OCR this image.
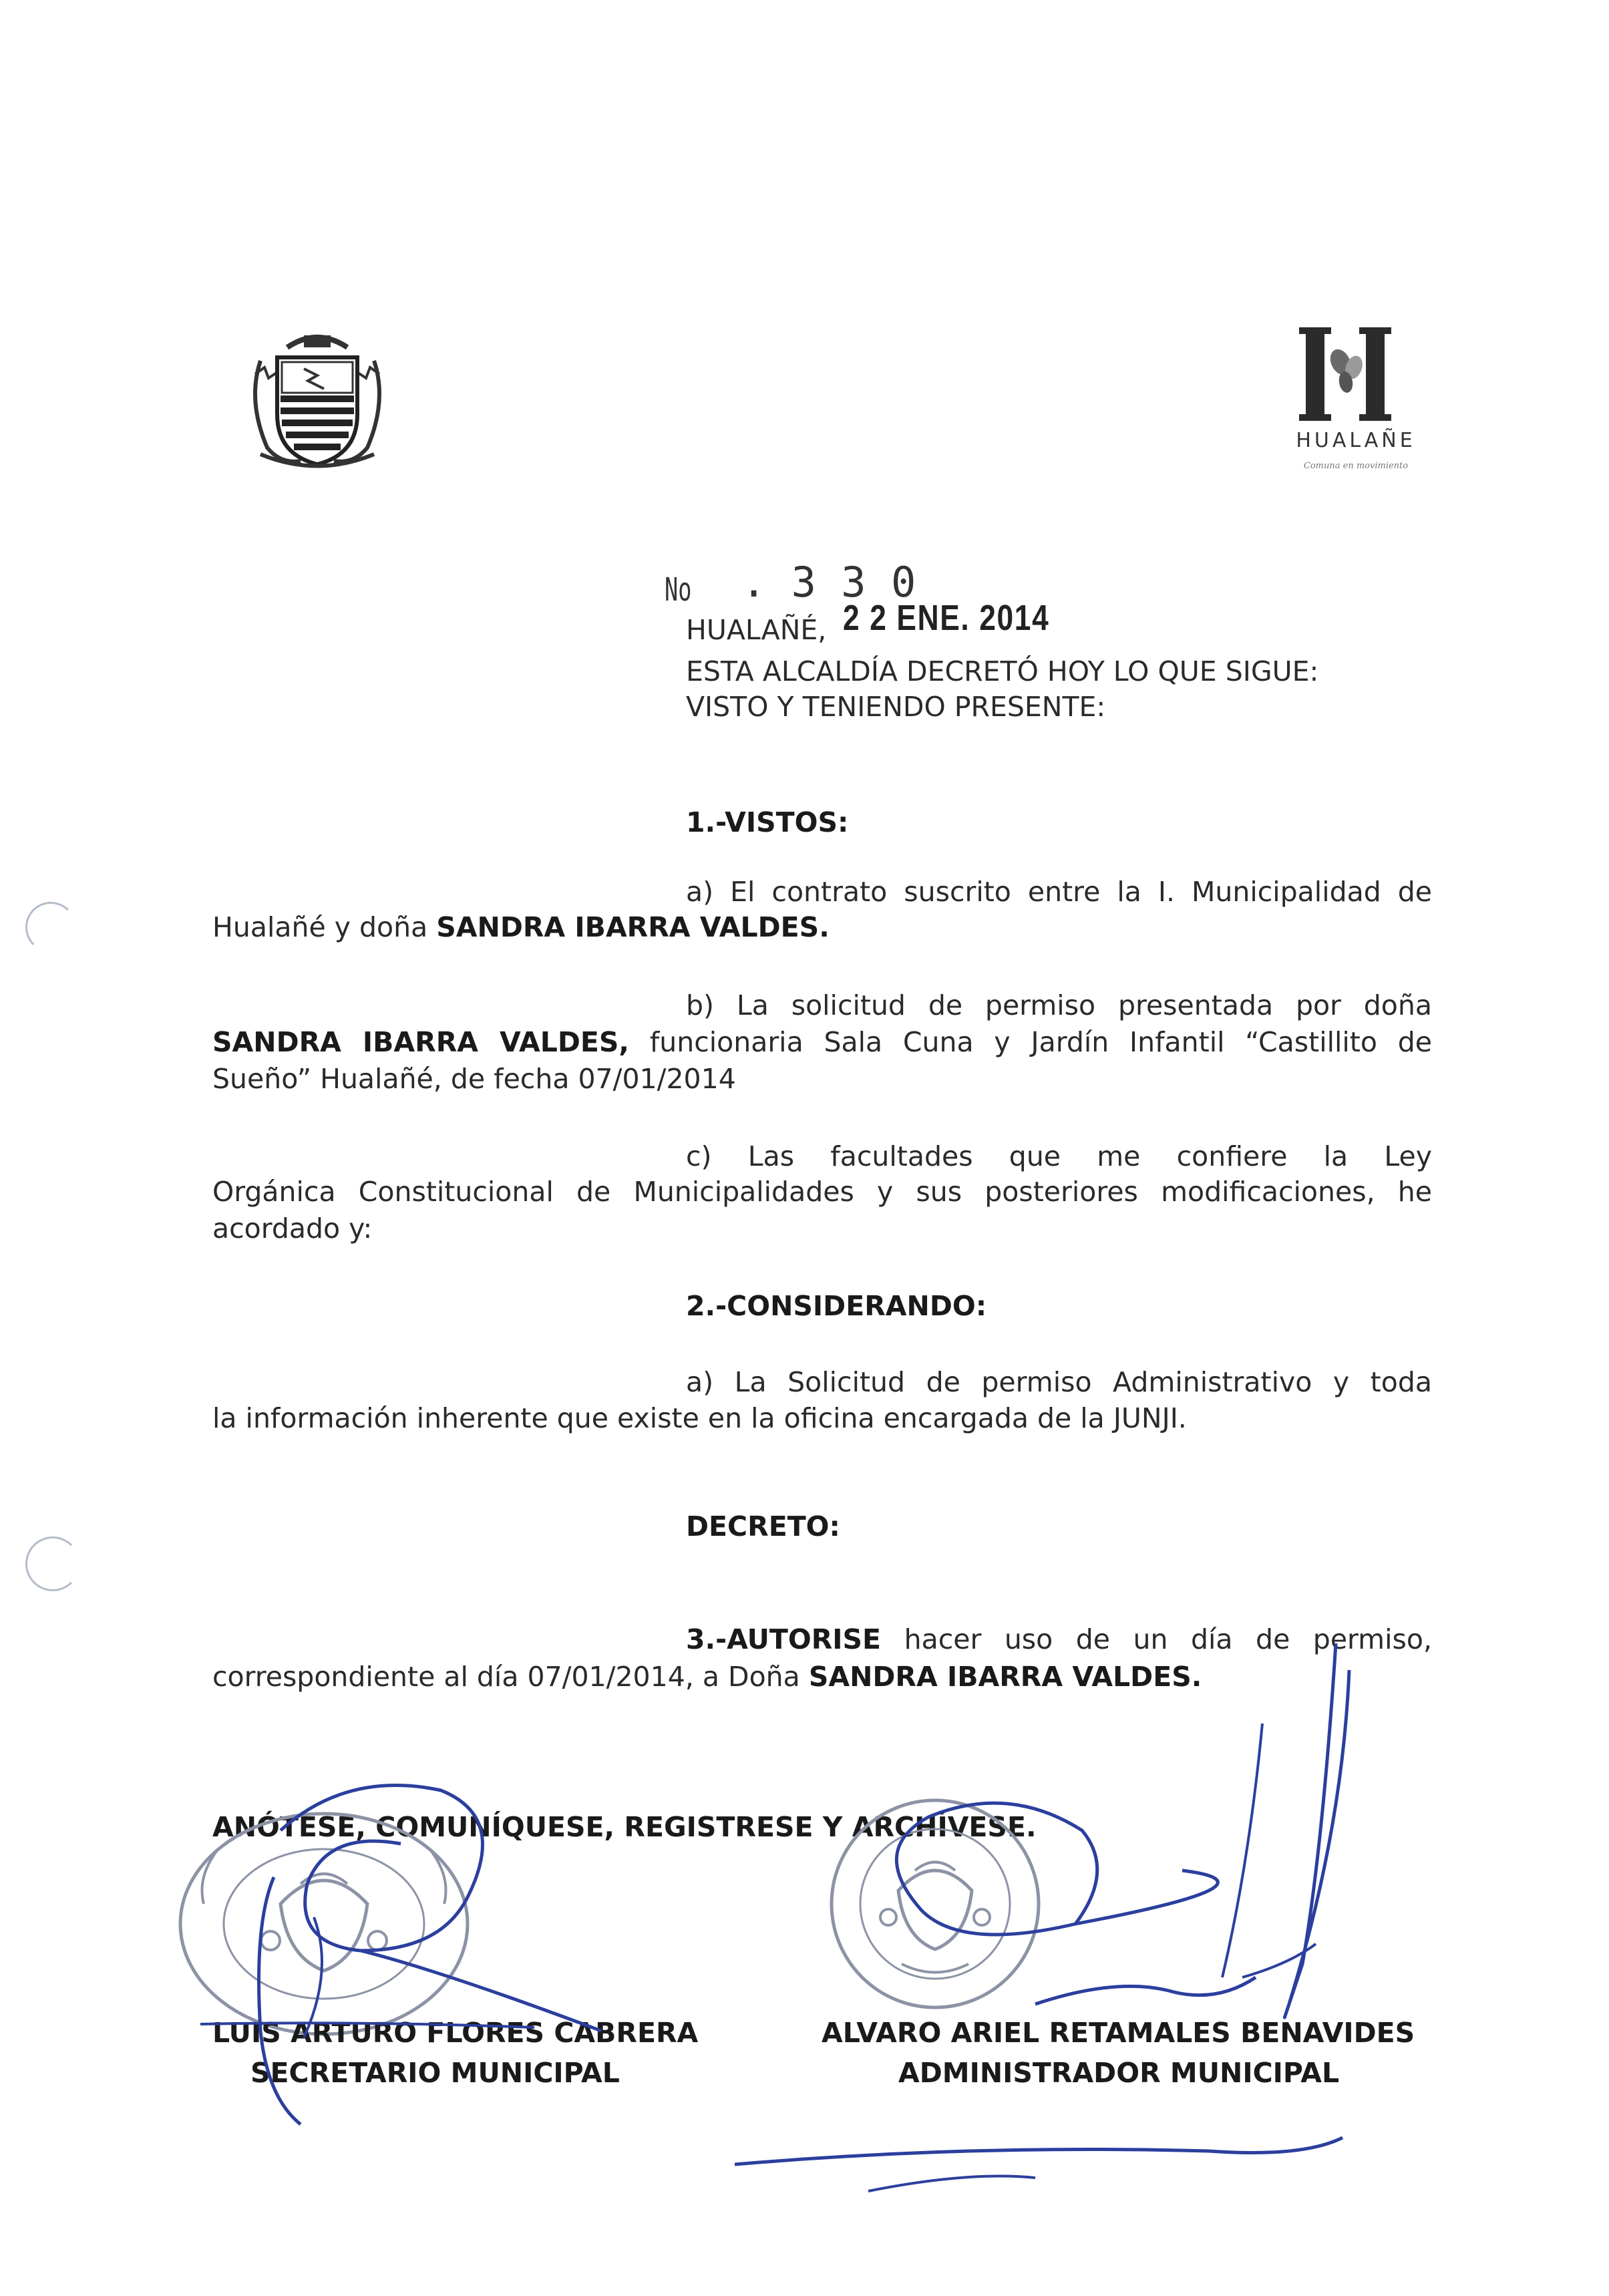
HUALAÑE
Comuna en movimiento
No . 3 3 0
HUALAÑÉ, 2 2 ENE. 2014
ESTA ALCALDÍA DECRETÓ HOY LO QUE SIGUE:
VISTO Y TENIENDO PRESENTE:
1.-VISTOS:
a) El contrato suscrito entre la I. Municipalidad de
Hualañé y doña SANDRA IBARRA VALDES.
b) La solicitud de permiso presentada por doña
SANDRA IBARRA VALDES, funcionaria Sala Cuna y Jardín Infantil “Castillito de
Sueño” Hualañé, de fecha 07/01/2014
c) Las facultades que me confiere la Ley
Orgánica Constitucional de Municipalidades y sus posteriores modificaciones, he
acordado y:
2.-CONSIDERANDO:
a) La Solicitud de permiso Administrativo y toda
la información inherente que existe en la oficina encargada de la JUNJI.
DECRETO:
3.-AUTORISE hacer uso de un día de permiso,
correspondiente al día 07/01/2014, a Doña SANDRA IBARRA VALDES.
ANÓTESE, COMUNÍQUESE, REGISTRESE Y ARCHÍVESE.
LUIS ARTURO FLORES CABRERA
SECRETARIO MUNICIPAL
ALVARO ARIEL RETAMALES BENAVIDES
ADMINISTRADOR MUNICIPAL
